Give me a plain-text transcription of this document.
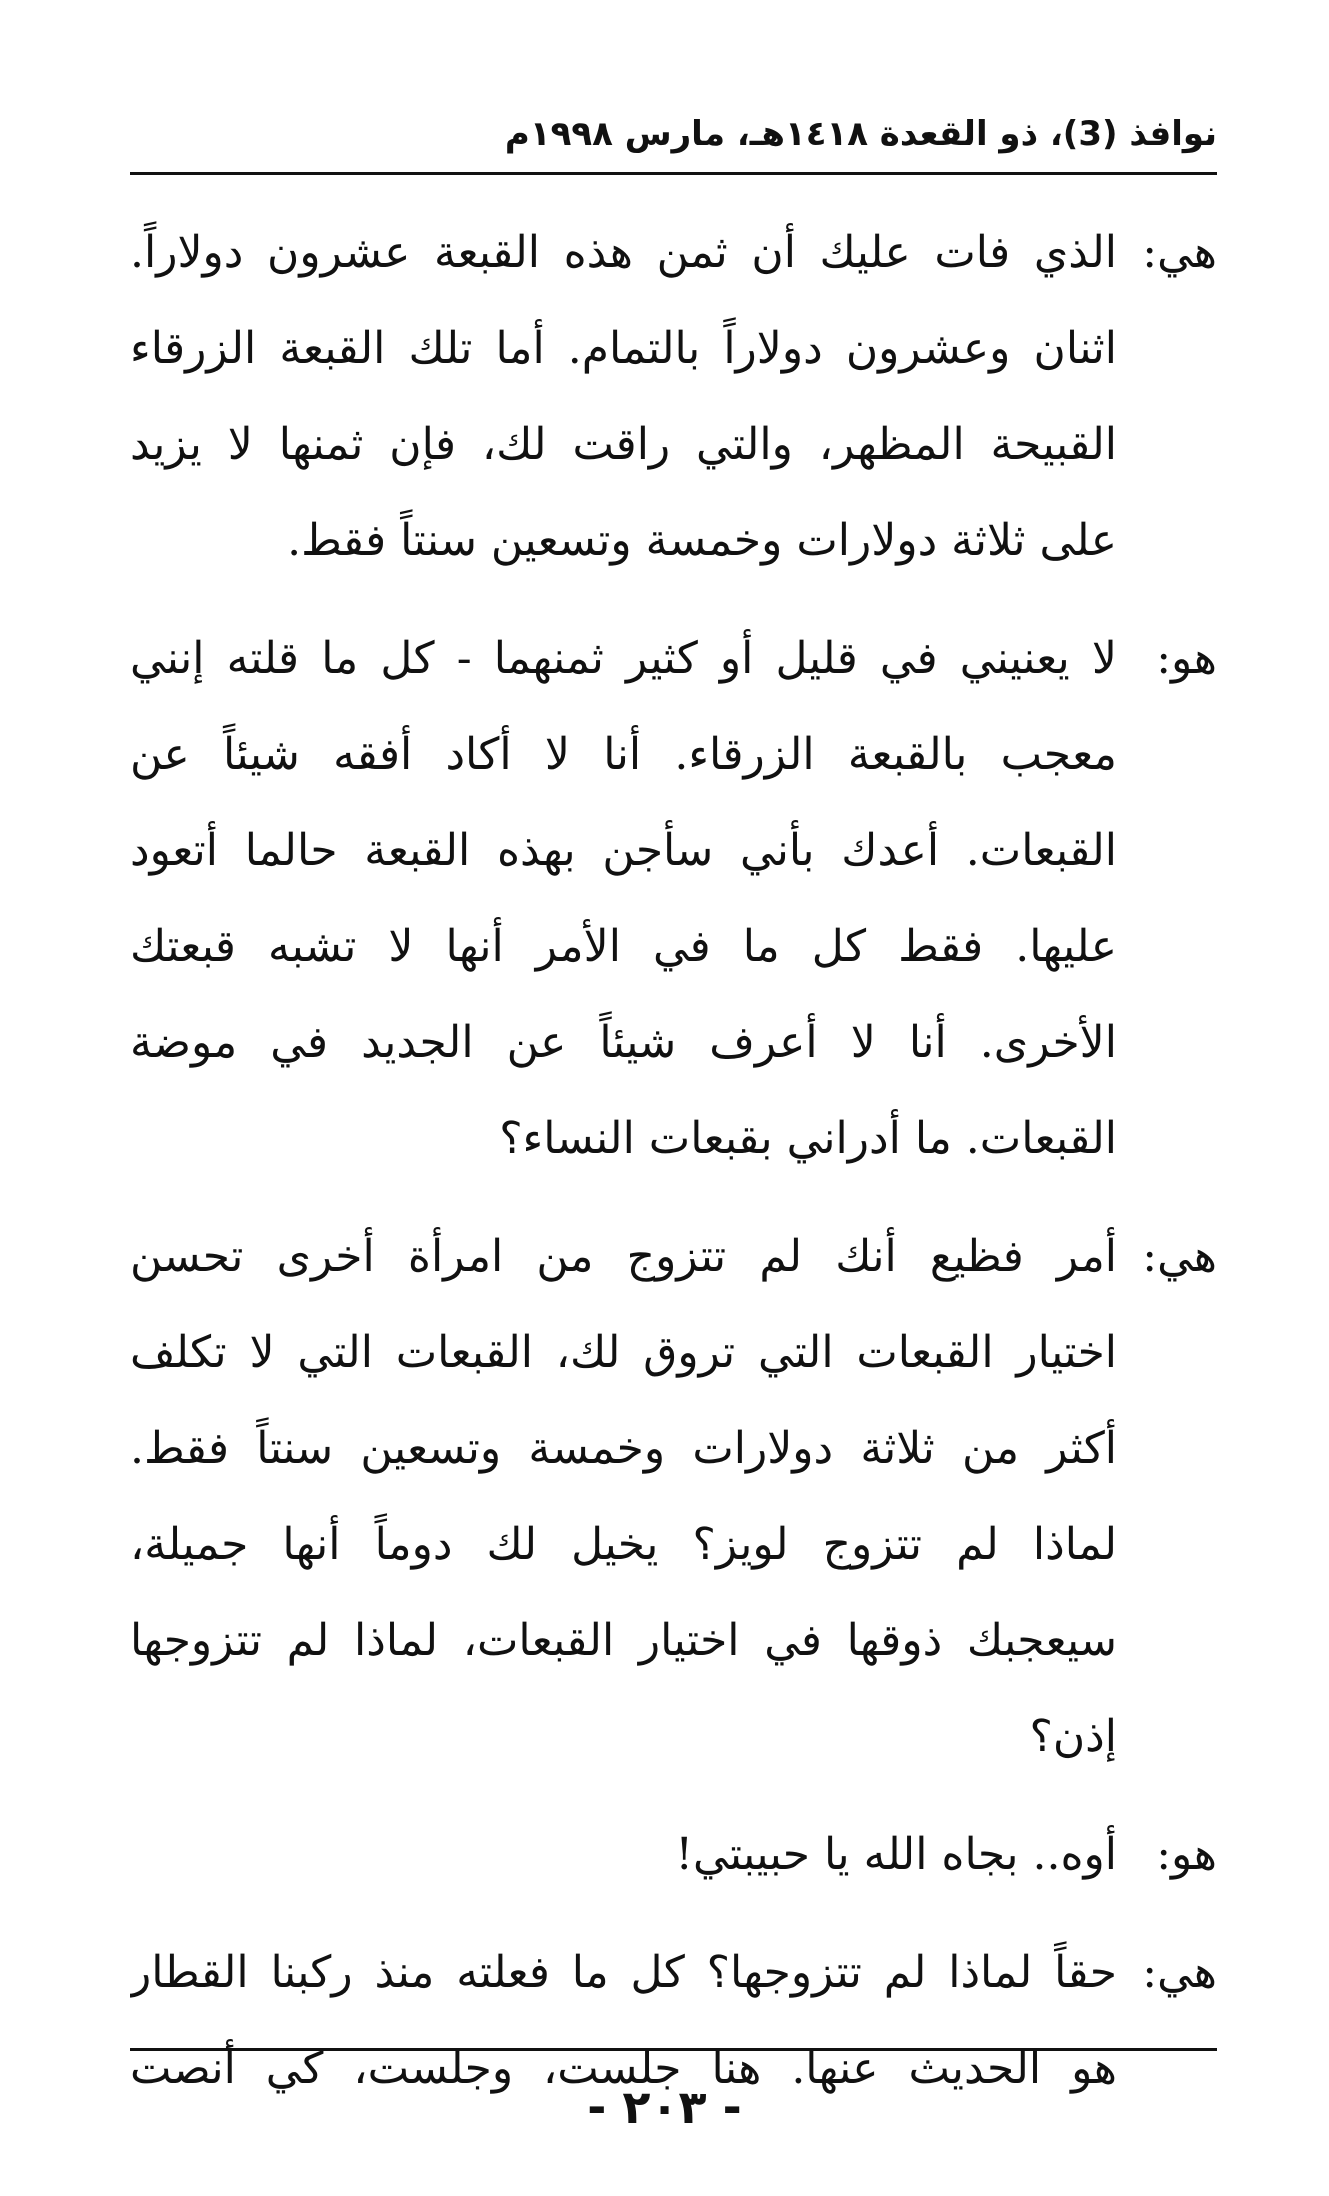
نوافذ (3)، ذو القعدة ١٤١٨هـ، مارس ١٩٩٨م
هي:
الذي فات عليك أن ثمن هذه القبعة عشرون دولاراً.
اثنان وعشرون دولاراً بالتمام. أما تلك القبعة الزرقاء
القبيحة المظهر، والتي راقت لك، فإن ثمنها لا يزيد
على ثلاثة دولارات وخمسة وتسعين سنتاً فقط.
هو:
لا يعنيني في قليل أو كثير ثمنهما - كل ما قلته إنني
معجب بالقبعة الزرقاء. أنا لا أكاد أفقه شيئاً عن
القبعات. أعدك بأني سأجن بهذه القبعة حالما أتعود
عليها. فقط كل ما في الأمر أنها لا تشبه قبعتك
الأخرى. أنا لا أعرف شيئاً عن الجديد في موضة
القبعات. ما أدراني بقبعات النساء؟
هي:
أمر فظيع أنك لم تتزوج من امرأة أخرى تحسن
اختيار القبعات التي تروق لك، القبعات التي لا تكلف
أكثر من ثلاثة دولارات وخمسة وتسعين سنتاً فقط.
لماذا لم تتزوج لويز؟ يخيل لك دوماً أنها جميلة،
سيعجبك ذوقها في اختيار القبعات، لماذا لم تتزوجها
إذن؟
هو:
أوه.. بجاه الله يا حبيبتي!
هي:
حقاً لماذا لم تتزوجها؟ كل ما فعلته منذ ركبنا القطار
هو الحديث عنها. هنا جلست، وجلست، كي أنصت
- ٢٠٣ -
